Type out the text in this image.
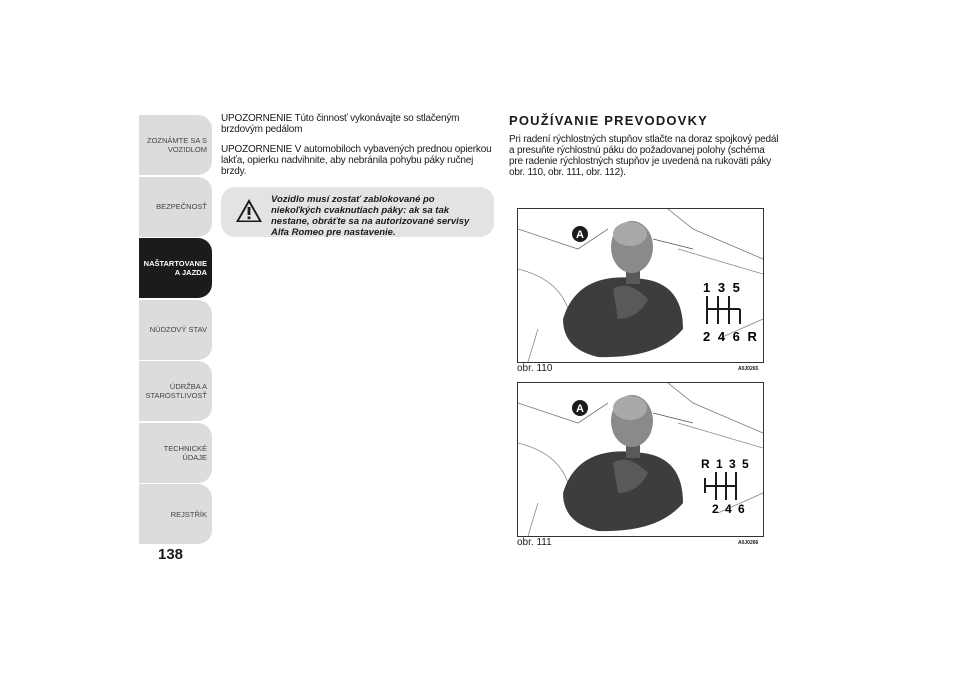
ZOZNÁMTE SA S
VOZIDLOM
BEZPEČNOSŤ
NAŠTARTOVANIE
A JAZDA
NÚDZOVÝ STAV
ÚDRŽBA A
STAROSTLIVOSŤ
TECHNICKÉ ÚDAJE
REJSTŘÍK
138

UPOZORNENIE Túto činnosť vykonávajte so stlačeným brzdovým pedálom

UPOZORNENIE V automobiloch vybavených prednou opierkou lakťa, opierku nadvihnite, aby nebránila pohybu páky ručnej brzdy.

Vozidlo musí zostať zablokované po niekoľkých cvaknutiach páky: ak sa tak nestane, obráťte sa na autorizované servisy Alfa Romeo pre nastavenie.
POUŽÍVANIE PREVODOVKY

Pri radení rýchlostných stupňov stlačte na doraz spojkový pedál a presuňte rýchlostnú páku do požadovanej polohy (schéma pre radenie rýchlostných stupňov je uvedená na rukoväti páky obr. 110, obr. 111, obr. 112).

A
1 3 5
2 4 6 R
obr. 110	A0J0265
A
R 1 3 5
2 4 6
obr. 111	A0J0266
